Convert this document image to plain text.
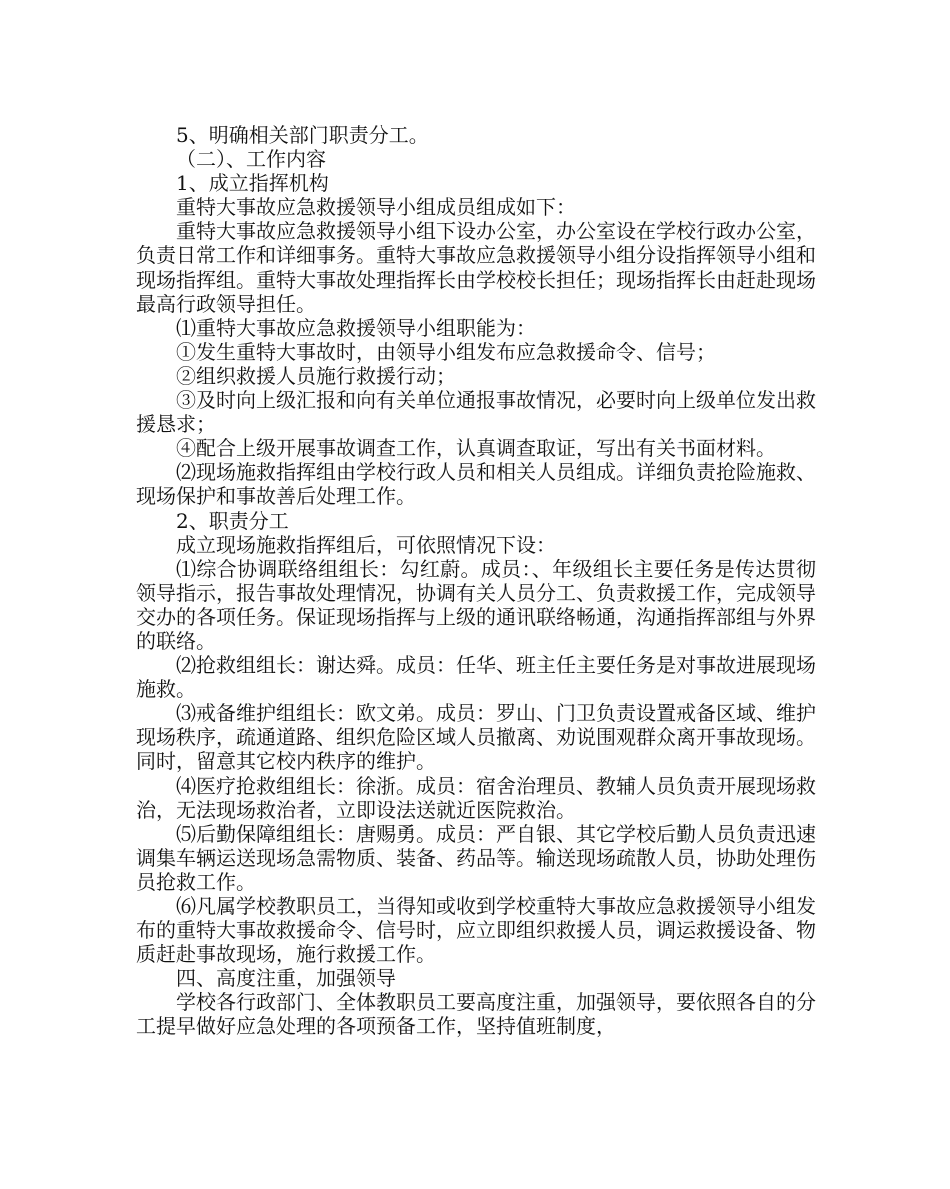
5、明确相关部门职责分工。

（二）、工作内容

1、成立指挥机构

重特大事故应急救援领导小组成员组成如下：

重特大事故应急救援领导小组下设办公室，办公室设在学校行政办公室，负责日常工作和详细事务。重特大事故应急救援领导小组分设指挥领导小组和现场指挥组。重特大事故处理指挥长由学校校长担任；现场指挥长由赶赴现场最高行政领导担任。

⑴重特大事故应急救援领导小组职能为：

①发生重特大事故时，由领导小组发布应急救援命令、信号；

②组织救援人员施行救援行动；

③及时向上级汇报和向有关单位通报事故情况，必要时向上级单位发出救援恳求；

④配合上级开展事故调查工作，认真调查取证，写出有关书面材料。

⑵现场施救指挥组由学校行政人员和相关人员组成。详细负责抢险施救、现场保护和事故善后处理工作。

2、职责分工

成立现场施救指挥组后，可依照情况下设：

⑴综合协调联络组组长：勾红蔚。成员：、年级组长主要任务是传达贯彻领导指示，报告事故处理情况，协调有关人员分工、负责救援工作，完成领导交办的各项任务。保证现场指挥与上级的通讯联络畅通，沟通指挥部组与外界的联络。

⑵抢救组组长：谢达舜。成员：任华、班主任主要任务是对事故进展现场施救。

⑶戒备维护组组长：欧文弟。成员：罗山、门卫负责设置戒备区域、维护现场秩序，疏通道路、组织危险区域人员撤离、劝说围观群众离开事故现场。同时，留意其它校内秩序的维护。

⑷医疗抢救组组长：徐浙。成员：宿舍治理员、教辅人员负责开展现场救治，无法现场救治者，立即设法送就近医院救治。

⑸后勤保障组组长：唐赐勇。成员：严自银、其它学校后勤人员负责迅速调集车辆运送现场急需物质、装备、药品等。输送现场疏散人员，协助处理伤员抢救工作。

⑹凡属学校教职员工，当得知或收到学校重特大事故应急救援领导小组发布的重特大事故救援命令、信号时，应立即组织救援人员，调运救援设备、物质赶赴事故现场，施行救援工作。

四、高度注重，加强领导

学校各行政部门、全体教职员工要高度注重，加强领导，要依照各自的分工提早做好应急处理的各项预备工作，坚持值班制度，
